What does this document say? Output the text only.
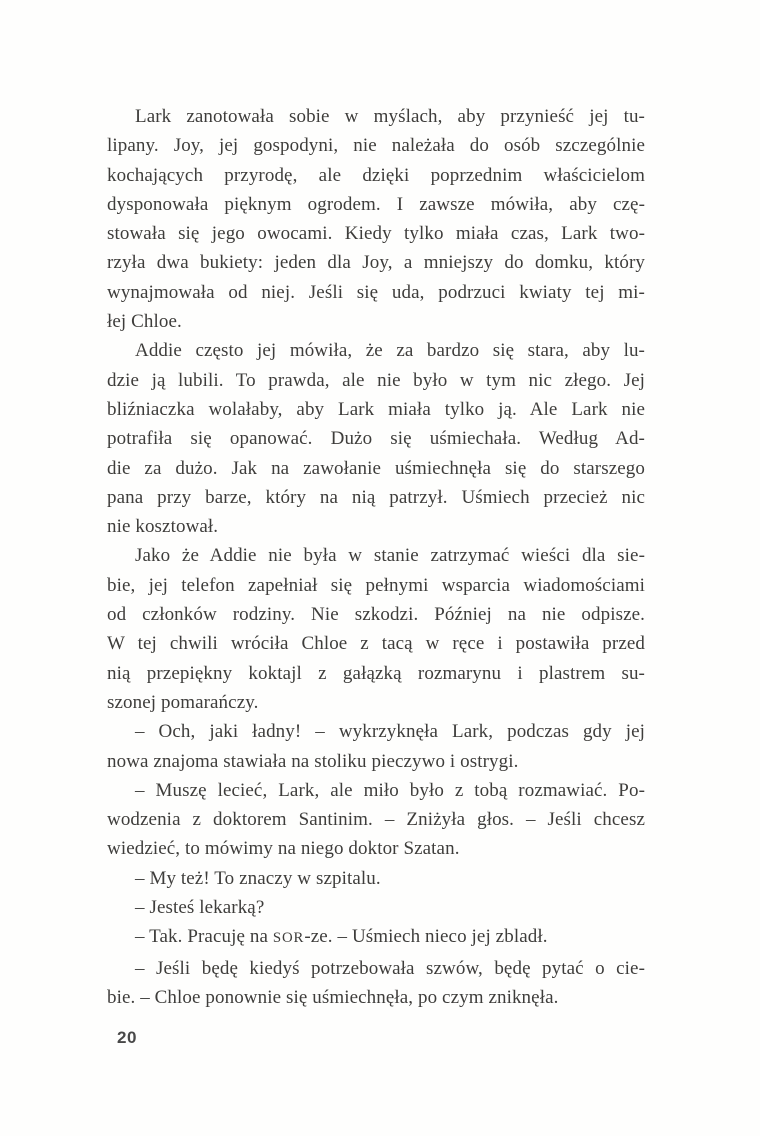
Lark zanotowała sobie w myślach, aby przynieść jej tu-
lipany. Joy, jej gospodyni, nie należała do osób szczególnie
kochających przyrodę, ale dzięki poprzednim właścicielom
dysponowała pięknym ogrodem. I zawsze mówiła, aby czę-
stowała się jego owocami. Kiedy tylko miała czas, Lark two-
rzyła dwa bukiety: jeden dla Joy, a mniejszy do domku, który
wynajmowała od niej. Jeśli się uda, podrzuci kwiaty tej mi-
łej Chloe.

Addie często jej mówiła, że za bardzo się stara, aby lu-
dzie ją lubili. To prawda, ale nie było w tym nic złego. Jej
bliźniaczka wolałaby, aby Lark miała tylko ją. Ale Lark nie
potrafiła się opanować. Dużo się uśmiechała. Według Ad-
die za dużo. Jak na zawołanie uśmiechnęła się do starszego
pana przy barze, który na nią patrzył. Uśmiech przecież nic
nie kosztował.

Jako że Addie nie była w stanie zatrzymać wieści dla sie-
bie, jej telefon zapełniał się pełnymi wsparcia wiadomościami
od członków rodziny. Nie szkodzi. Później na nie odpisze.
W tej chwili wróciła Chloe z tacą w ręce i postawiła przed
nią przepiękny koktajl z gałązką rozmarynu i plastrem su-
szonej pomarańczy.

– Och, jaki ładny! – wykrzyknęła Lark, podczas gdy jej
nowa znajoma stawiała na stoliku pieczywo i ostrygi.

– Muszę lecieć, Lark, ale miło było z tobą rozmawiać. Po-
wodzenia z doktorem Santinim. – Zniżyła głos. – Jeśli chcesz
wiedzieć, to mówimy na niego doktor Szatan.

– My też! To znaczy w szpitalu.

– Jesteś lekarką?

– Tak. Pracuję na SOR-ze. – Uśmiech nieco jej zbladł.

– Jeśli będę kiedyś potrzebowała szwów, będę pytać o cie-
bie. – Chloe ponownie się uśmiechnęła, po czym zniknęła.

20
